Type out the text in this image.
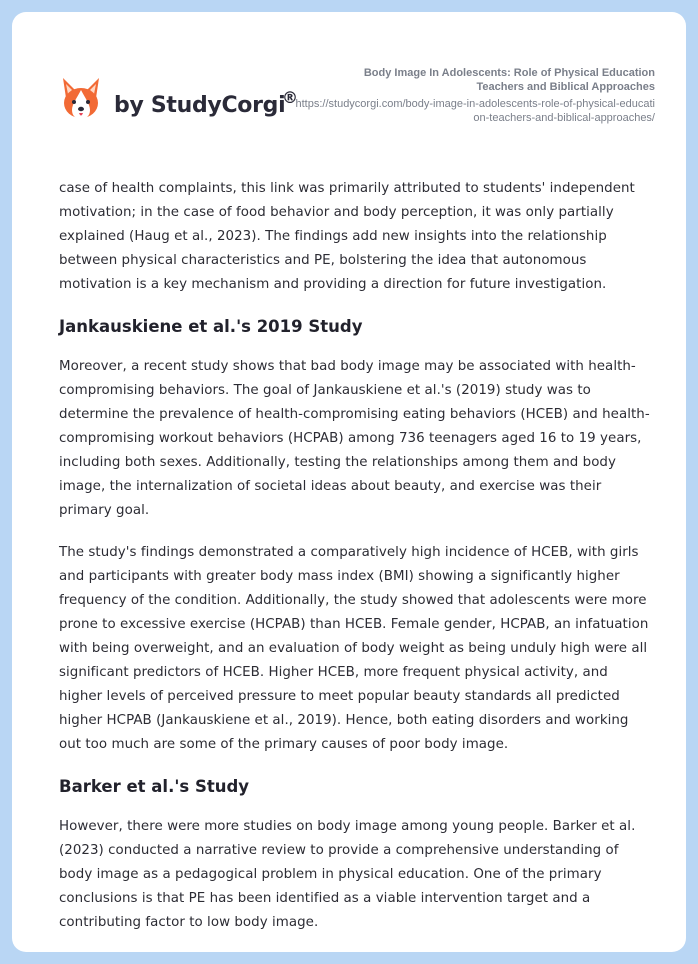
by StudyCorgi
®
Body Image In Adolescents: Role of Physical Education Teachers and Biblical Approaches
https://studycorgi.com/body-image-in-adolescents-role-of-physical-education-teachers-and-biblical-approaches/

case of health complaints, this link was primarily attributed to students' independent motivation; in the case of food behavior and body perception, it was only partially explained (Haug et al., 2023). The findings add new insights into the relationship between physical characteristics and PE, bolstering the idea that autonomous motivation is a key mechanism and providing a direction for future investigation.

Jankauskiene et al.'s 2019 Study

Moreover, a recent study shows that bad body image may be associated with health-compromising behaviors. The goal of Jankauskiene et al.'s (2019) study was to determine the prevalence of health-compromising eating behaviors (HCEB) and health-compromising workout behaviors (HCPAB) among 736 teenagers aged 16 to 19 years, including both sexes. Additionally, testing the relationships among them and body image, the internalization of societal ideas about beauty, and exercise was their primary goal.

The study's findings demonstrated a comparatively high incidence of HCEB, with girls and participants with greater body mass index (BMI) showing a significantly higher frequency of the condition. Additionally, the study showed that adolescents were more prone to excessive exercise (HCPAB) than HCEB. Female gender, HCPAB, an infatuation with being overweight, and an evaluation of body weight as being unduly high were all significant predictors of HCEB. Higher HCEB, more frequent physical activity, and higher levels of perceived pressure to meet popular beauty standards all predicted higher HCPAB (Jankauskiene et al., 2019). Hence, both eating disorders and working out too much are some of the primary causes of poor body image.

Barker et al.'s Study

However, there were more studies on body image among young people. Barker et al. (2023) conducted a narrative review to provide a comprehensive understanding of body image as a pedagogical problem in physical education. One of the primary conclusions is that PE has been identified as a viable intervention target and a contributing factor to low body image.
